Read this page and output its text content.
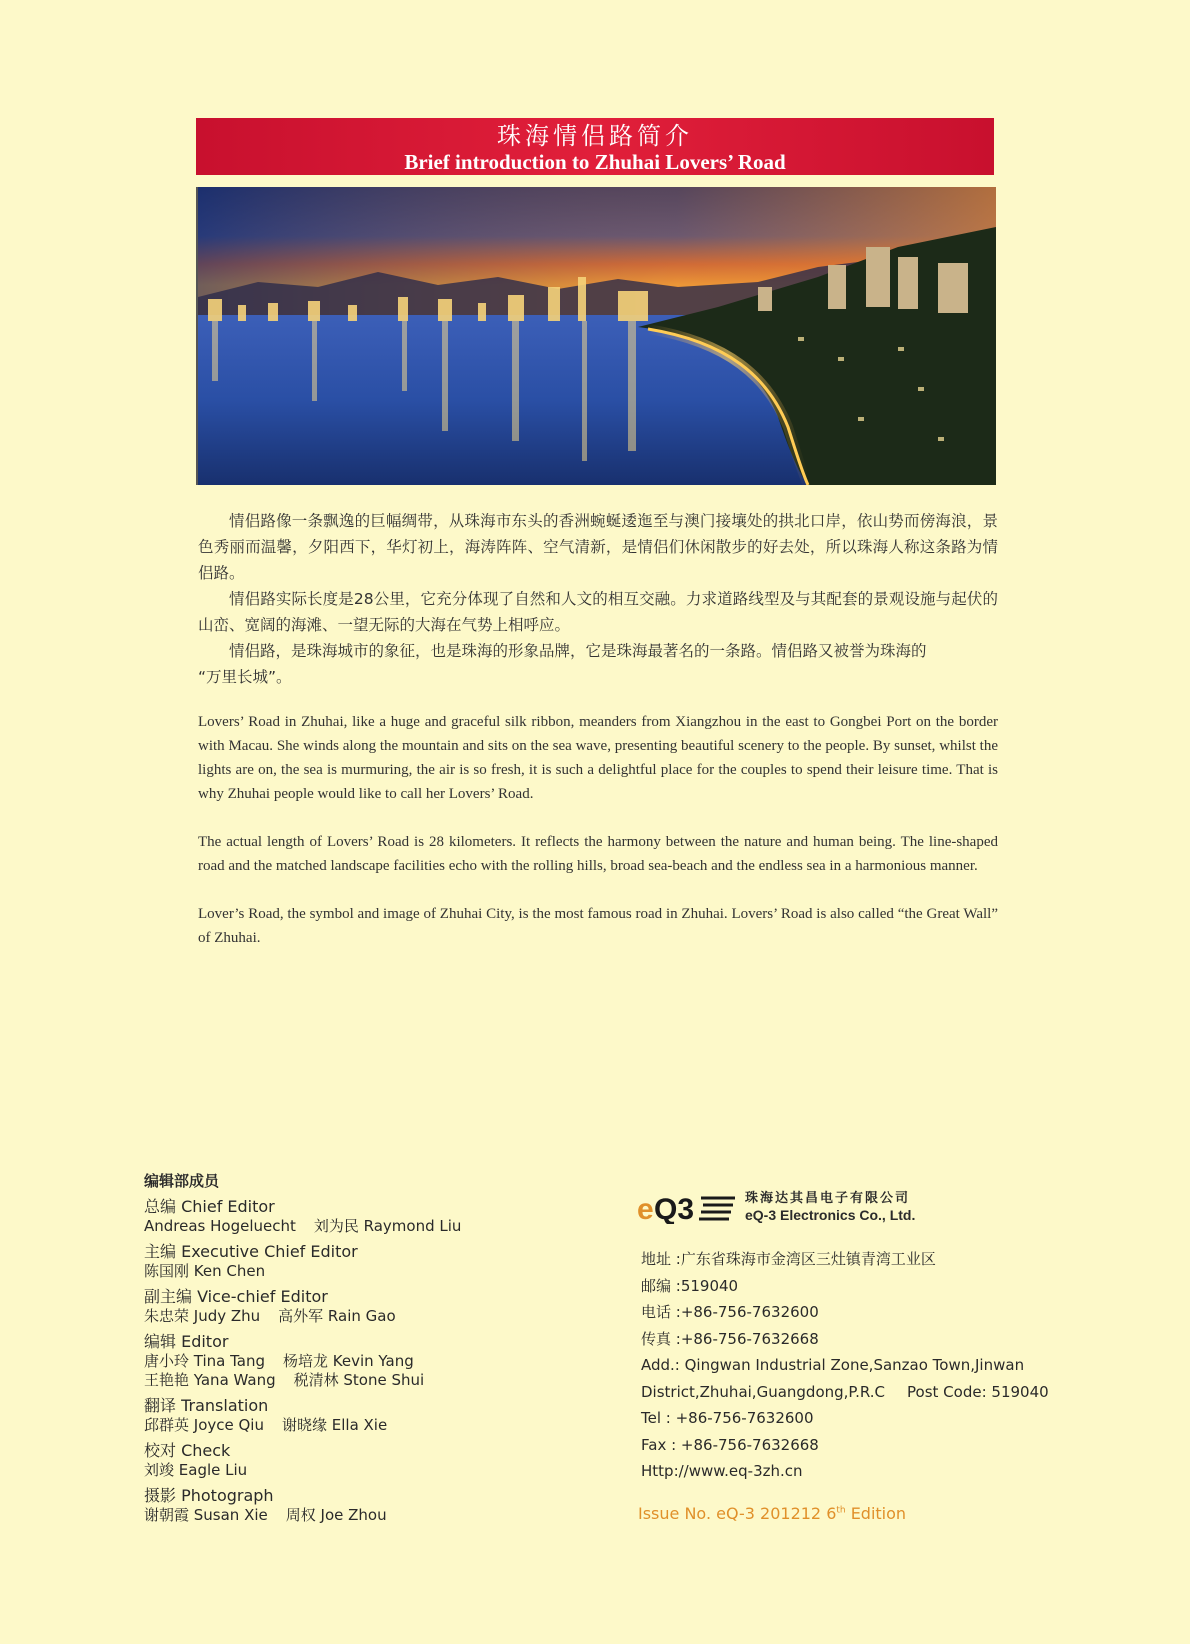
珠海情侣路简介
Brief introduction to Zhuhai Lovers’ Road

情侣路像一条飘逸的巨幅绸带，从珠海市东头的香洲蜿蜒逶迤至与澳门接壤处的拱北口岸，依山势而傍海浪，景色秀丽而温馨，夕阳西下，华灯初上，海涛阵阵、空气清新，是情侣们休闲散步的好去处，所以珠海人称这条路为情侣路。

情侣路实际长度是28公里，它充分体现了自然和人文的相互交融。力求道路线型及与其配套的景观设施与起伏的山峦、宽阔的海滩、一望无际的大海在气势上相呼应。

情侣路，是珠海城市的象征，也是珠海的形象品牌，它是珠海最著名的一条路。情侣路又被誉为珠海的

“万里长城”。

Lovers’ Road in Zhuhai, like a huge and graceful silk ribbon, meanders from Xiangzhou in the east to Gongbei Port on the border with Macau. She winds along the mountain and sits on the sea wave, presenting beautiful scenery to the people. By sunset, whilst the lights are on, the sea is murmuring, the air is so fresh, it is such a delightful place for the couples to spend their leisure time. That is why Zhuhai people would like to call her Lovers’ Road.

The actual length of Lovers’ Road is 28 kilometers. It reflects the harmony between the nature and human being. The line-shaped road and the matched landscape facilities echo with the rolling hills, broad sea-beach and the endless sea in a harmonious manner.

Lover’s Road, the symbol and image of Zhuhai City, is the most famous road in Zhuhai. Lovers’ Road is also called “the Great Wall” of Zhuhai.

编辑部成员
总编 Chief Editor
Andreas Hogeluecht 刘为民 Raymond Liu
主编 Executive Chief Editor
陈国刚 Ken Chen
副主编 Vice-chief Editor
朱忠荣 Judy Zhu 高外军 Rain Gao
编辑 Editor
唐小玲 Tina Tang 杨培龙 Kevin Yang
王艳艳 Yana Wang 税清林 Stone Shui
翻译 Translation
邱群英 Joyce Qiu 谢晓缘 Ella Xie
校对 Check
刘竣 Eagle Liu
摄影 Photograph
谢朝霞 Susan Xie 周权 Joe Zhou
e Q3	珠海达其昌电子有限公司
eQ-3 Electronics Co., Ltd.
地址 :广东省珠海市金湾区三灶镇青湾工业区
邮编 :519040
电话 :+86-756-7632600
传真 :+86-756-7632668
Add.: Qingwan Industrial Zone,Sanzao Town,Jinwan
District,Zhuhai,Guangdong,P.R.C Post Code: 519040
Tel : +86-756-7632600
Fax : +86-756-7632668
Http://www.eq-3zh.cn
Issue No. eQ-3 201212 6th Edition
